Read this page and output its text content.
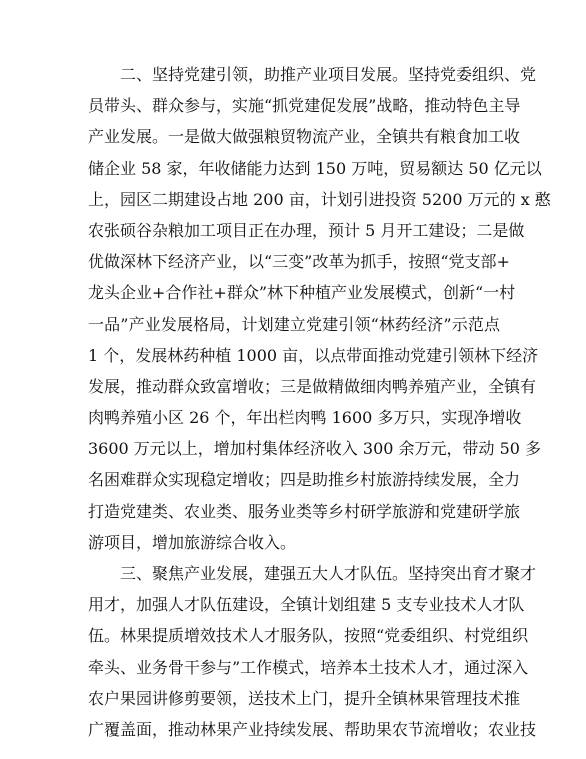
二、坚持党建引领，助推产业项目发展。坚持党委组织、党
员带头、群众参与，实施“抓党建促发展”战略，推动特色主导
产业发展。一是做大做强粮贸物流产业，全镇共有粮食加工收
储企业 58 家，年收储能力达到 150 万吨，贸易额达 50 亿元以
上，园区二期建设占地 200 亩，计划引进投资 5200 万元的 x 憨
农张硕谷杂粮加工项目正在办理，预计 5 月开工建设；二是做
优做深林下经济产业，以“三变”改革为抓手，按照“党支部+
龙头企业+合作社+群众”林下种植产业发展模式，创新“一村
一品”产业发展格局，计划建立党建引领“林药经济”示范点
1 个，发展林药种植 1000 亩，以点带面推动党建引领林下经济
发展，推动群众致富增收；三是做精做细肉鸭养殖产业，全镇有
肉鸭养殖小区 26 个，年出栏肉鸭 1600 多万只，实现净增收
3600 万元以上，增加村集体经济收入 300 余万元，带动 50 多
名困难群众实现稳定增收；四是助推乡村旅游持续发展，全力
打造党建类、农业类、服务业类等乡村研学旅游和党建研学旅
游项目，增加旅游综合收入。
三、聚焦产业发展，建强五大人才队伍。坚持突出育才聚才
用才，加强人才队伍建设，全镇计划组建 5 支专业技术人才队
伍。林果提质增效技术人才服务队，按照“党委组织、村党组织
牵头、业务骨干参与”工作模式，培养本土技术人才，通过深入
农户果园讲修剪要领，送技术上门，提升全镇林果管理技术推
广覆盖面，推动林果产业持续发展、帮助果农节流增收；农业技
